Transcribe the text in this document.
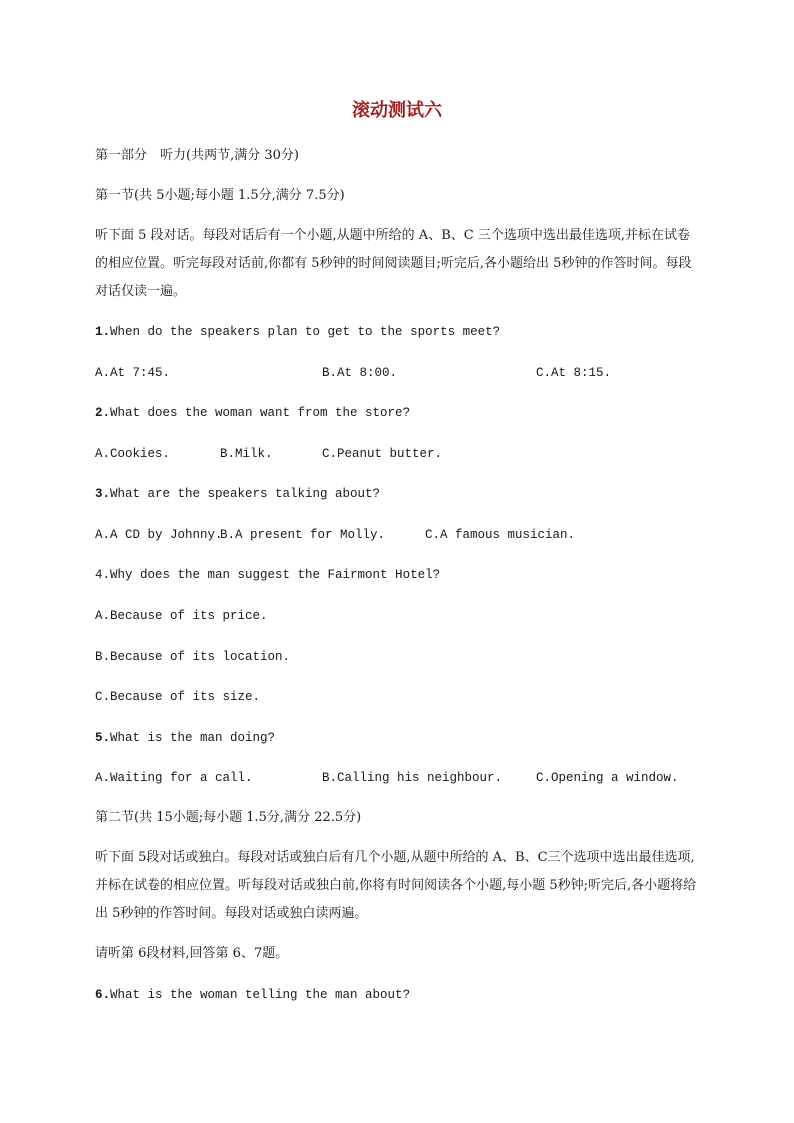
滚动测试六
第一部分　听力(共两节,满分 30分)
第一节(共 5小题;每小题 1.5分,满分 7.5分)
听下面 5 段对话。每段对话后有一个小题,从题中所给的 A、B、C 三个选项中选出最佳选项,并标在试卷的相应位置。听完每段对话前,你都有 5秒钟的时间阅读题目;听完后,各小题给出 5秒钟的作答时间。每段对话仅读一遍。
1.When do the speakers plan to get to the sports meet?
A.At 7:45.	B.At 8:00.	C.At 8:15.
2.What does the woman want from the store?
A.Cookies.	B.Milk.	C.Peanut butter.
3.What are the speakers talking about?
A.A CD by Johnny.
B.A present for Molly.	C.A famous musician.
4.Why does the man suggest the Fairmont Hotel?
A.Because of its price.
B.Because of its location.
C.Because of its size.
5.What is the man doing?
A.Waiting for a call.	B.Calling his neighbour.	C.Opening a window.
第二节(共 15小题;每小题 1.5分,满分 22.5分)
听下面 5段对话或独白。每段对话或独白后有几个小题,从题中所给的 A、B、C三个选项中选出最佳选项,并标在试卷的相应位置。听每段对话或独白前,你将有时间阅读各个小题,每小题 5秒钟;听完后,各小题将给出 5秒钟的作答时间。每段对话或独白读两遍。
请听第 6段材料,回答第 6、7题。
6.What is the woman telling the man about?
